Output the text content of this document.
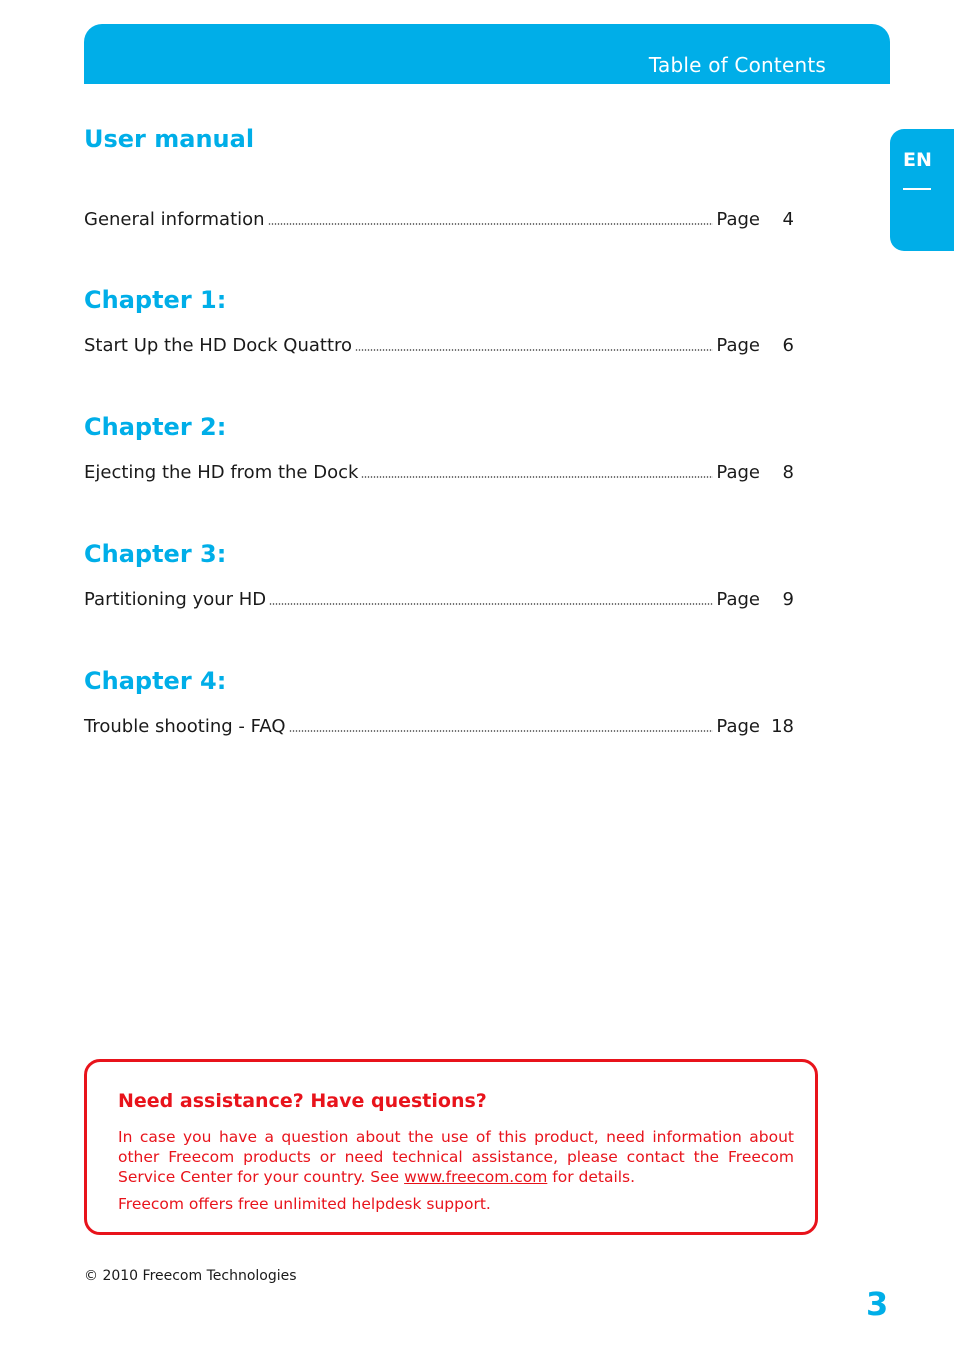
Table of Contents
EN
User manual
General information	Page	4
Chapter 1:
Start Up the HD Dock Quattro	Page	6
Chapter 2:
Ejecting the HD from the Dock	Page	8
Chapter 3:
Partitioning your HD	Page	9
Chapter 4:
Trouble shooting - FAQ	Page 18
Need assistance? Have questions?

In case you have a question about the use of this product, need information about other Freecom products or need technical assistance, please contact the Freecom Service Center for your country. See www.freecom.com for details.

Freecom offers free unlimited helpdesk support.

© 2010 Freecom Technologies
3
